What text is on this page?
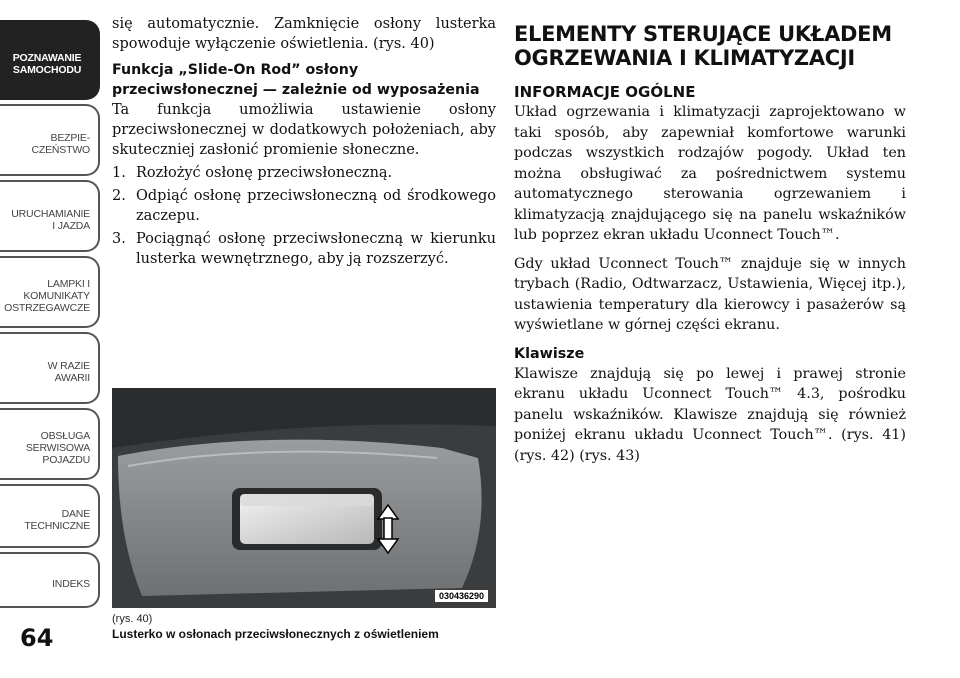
POZNAWANIE
SAMOCHODU
BEZPIE-
CZEŃSTWO
URUCHAMIANIE
I JAZDA
LAMPKI I
KOMUNIKATY
OSTRZEGAWCZE
W RAZIE
AWARII
OBSŁUGA
SERWISOWA
POJAZDU
DANE
TECHNICZNE
INDEKS
64

się automatycznie. Zamknięcie osłony lusterka spowoduje wyłączenie oświetlenia. (rys. 40)

Funkcja „Slide-On Rod” osłony przeciwsłonecznej — zależnie od wyposażenia

Ta funkcja umożliwia ustawienie osłony przeciwsłonecznej w dodatkowych położeniach, aby skuteczniej zasłonić promienie słoneczne.

1. Rozłożyć osłonę przeciwsłoneczną.
2. Odpiąć osłonę przeciwsłoneczną od środkowego zaczepu.
3. Pociągnąć osłonę przeciwsłoneczną w kierunku lusterka wewnętrznego, aby ją rozszerzyć.
030436290
(rys. 40)
Lusterko w osłonach przeciwsłonecznych z oświetleniem
ELEMENTY STERUJĄCE UKŁADEM OGRZEWANIA I KLIMATYZACJI
INFORMACJE OGÓLNE

Układ ogrzewania i klimatyzacji zaprojektowano w taki sposób, aby zapewniał komfortowe warunki podczas wszystkich rodzajów pogody. Układ ten można obsługiwać za pośrednictwem systemu automatycznego sterowania ogrzewaniem i klimatyzacją znajdującego się na panelu wskaźników lub poprzez ekran układu Uconnect Touch™.

Gdy układ Uconnect Touch™ znajduje się w innych trybach (Radio, Odtwarzacz, Ustawienia, Więcej itp.), ustawienia temperatury dla kierowcy i pasażerów są wyświetlane w górnej części ekranu.

Klawisze

Klawisze znajdują się po lewej i prawej stronie ekranu układu Uconnect Touch™ 4.3, pośrodku panelu wskaźników. Klawisze znajdują się również poniżej ekranu układu Uconnect Touch™. (rys. 41) (rys. 42) (rys. 43)
